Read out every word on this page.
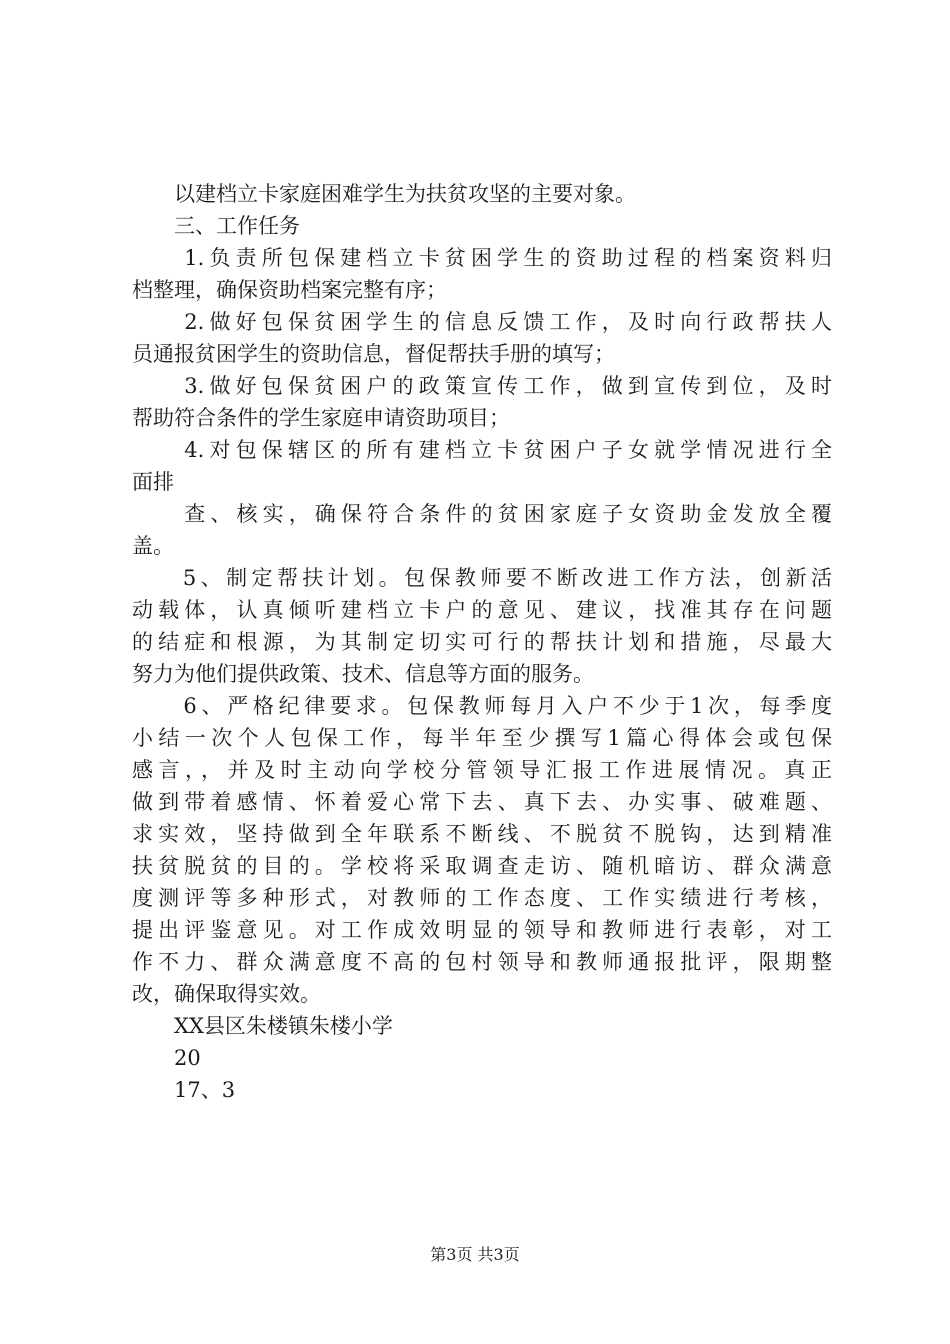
　　以建档立卡家庭困难学生为扶贫攻坚的主要对象。
　　三、工作任务
　　1.负责所包保建档立卡贫困学生的资助过程的档案资料归
档整理，确保资助档案完整有序；
　　2.做好包保贫困学生的信息反馈工作，及时向行政帮扶人
员通报贫困学生的资助信息，督促帮扶手册的填写；
　　3.做好包保贫困户的政策宣传工作，做到宣传到位，及时
帮助符合条件的学生家庭申请资助项目；
　　4.对包保辖区的所有建档立卡贫困户子女就学情况进行全
面排
　　查、核实，确保符合条件的贫困家庭子女资助金发放全覆
盖。
　　5、制定帮扶计划。包保教师要不断改进工作方法，创新活
动载体，认真倾听建档立卡户的意见、建议，找准其存在问题
的结症和根源，为其制定切实可行的帮扶计划和措施，尽最大
努力为他们提供政策、技术、信息等方面的服务。
　　6、严格纪律要求。包保教师每月入户不少于1次，每季度
小结一次个人包保工作，每半年至少撰写1篇心得体会或包保
感言，，并及时主动向学校分管领导汇报工作进展情况。真正
做到带着感情、怀着爱心常下去、真下去、办实事、破难题、
求实效，坚持做到全年联系不断线、不脱贫不脱钩，达到精准
扶贫脱贫的目的。学校将采取调查走访、随机暗访、群众满意
度测评等多种形式，对教师的工作态度、工作实绩进行考核，
提出评鉴意见。对工作成效明显的领导和教师进行表彰，对工
作不力、群众满意度不高的包村领导和教师通报批评，限期整
改，确保取得实效。
　　XX县区朱楼镇朱楼小学
　　20
　　17、3
第3页 共3页
